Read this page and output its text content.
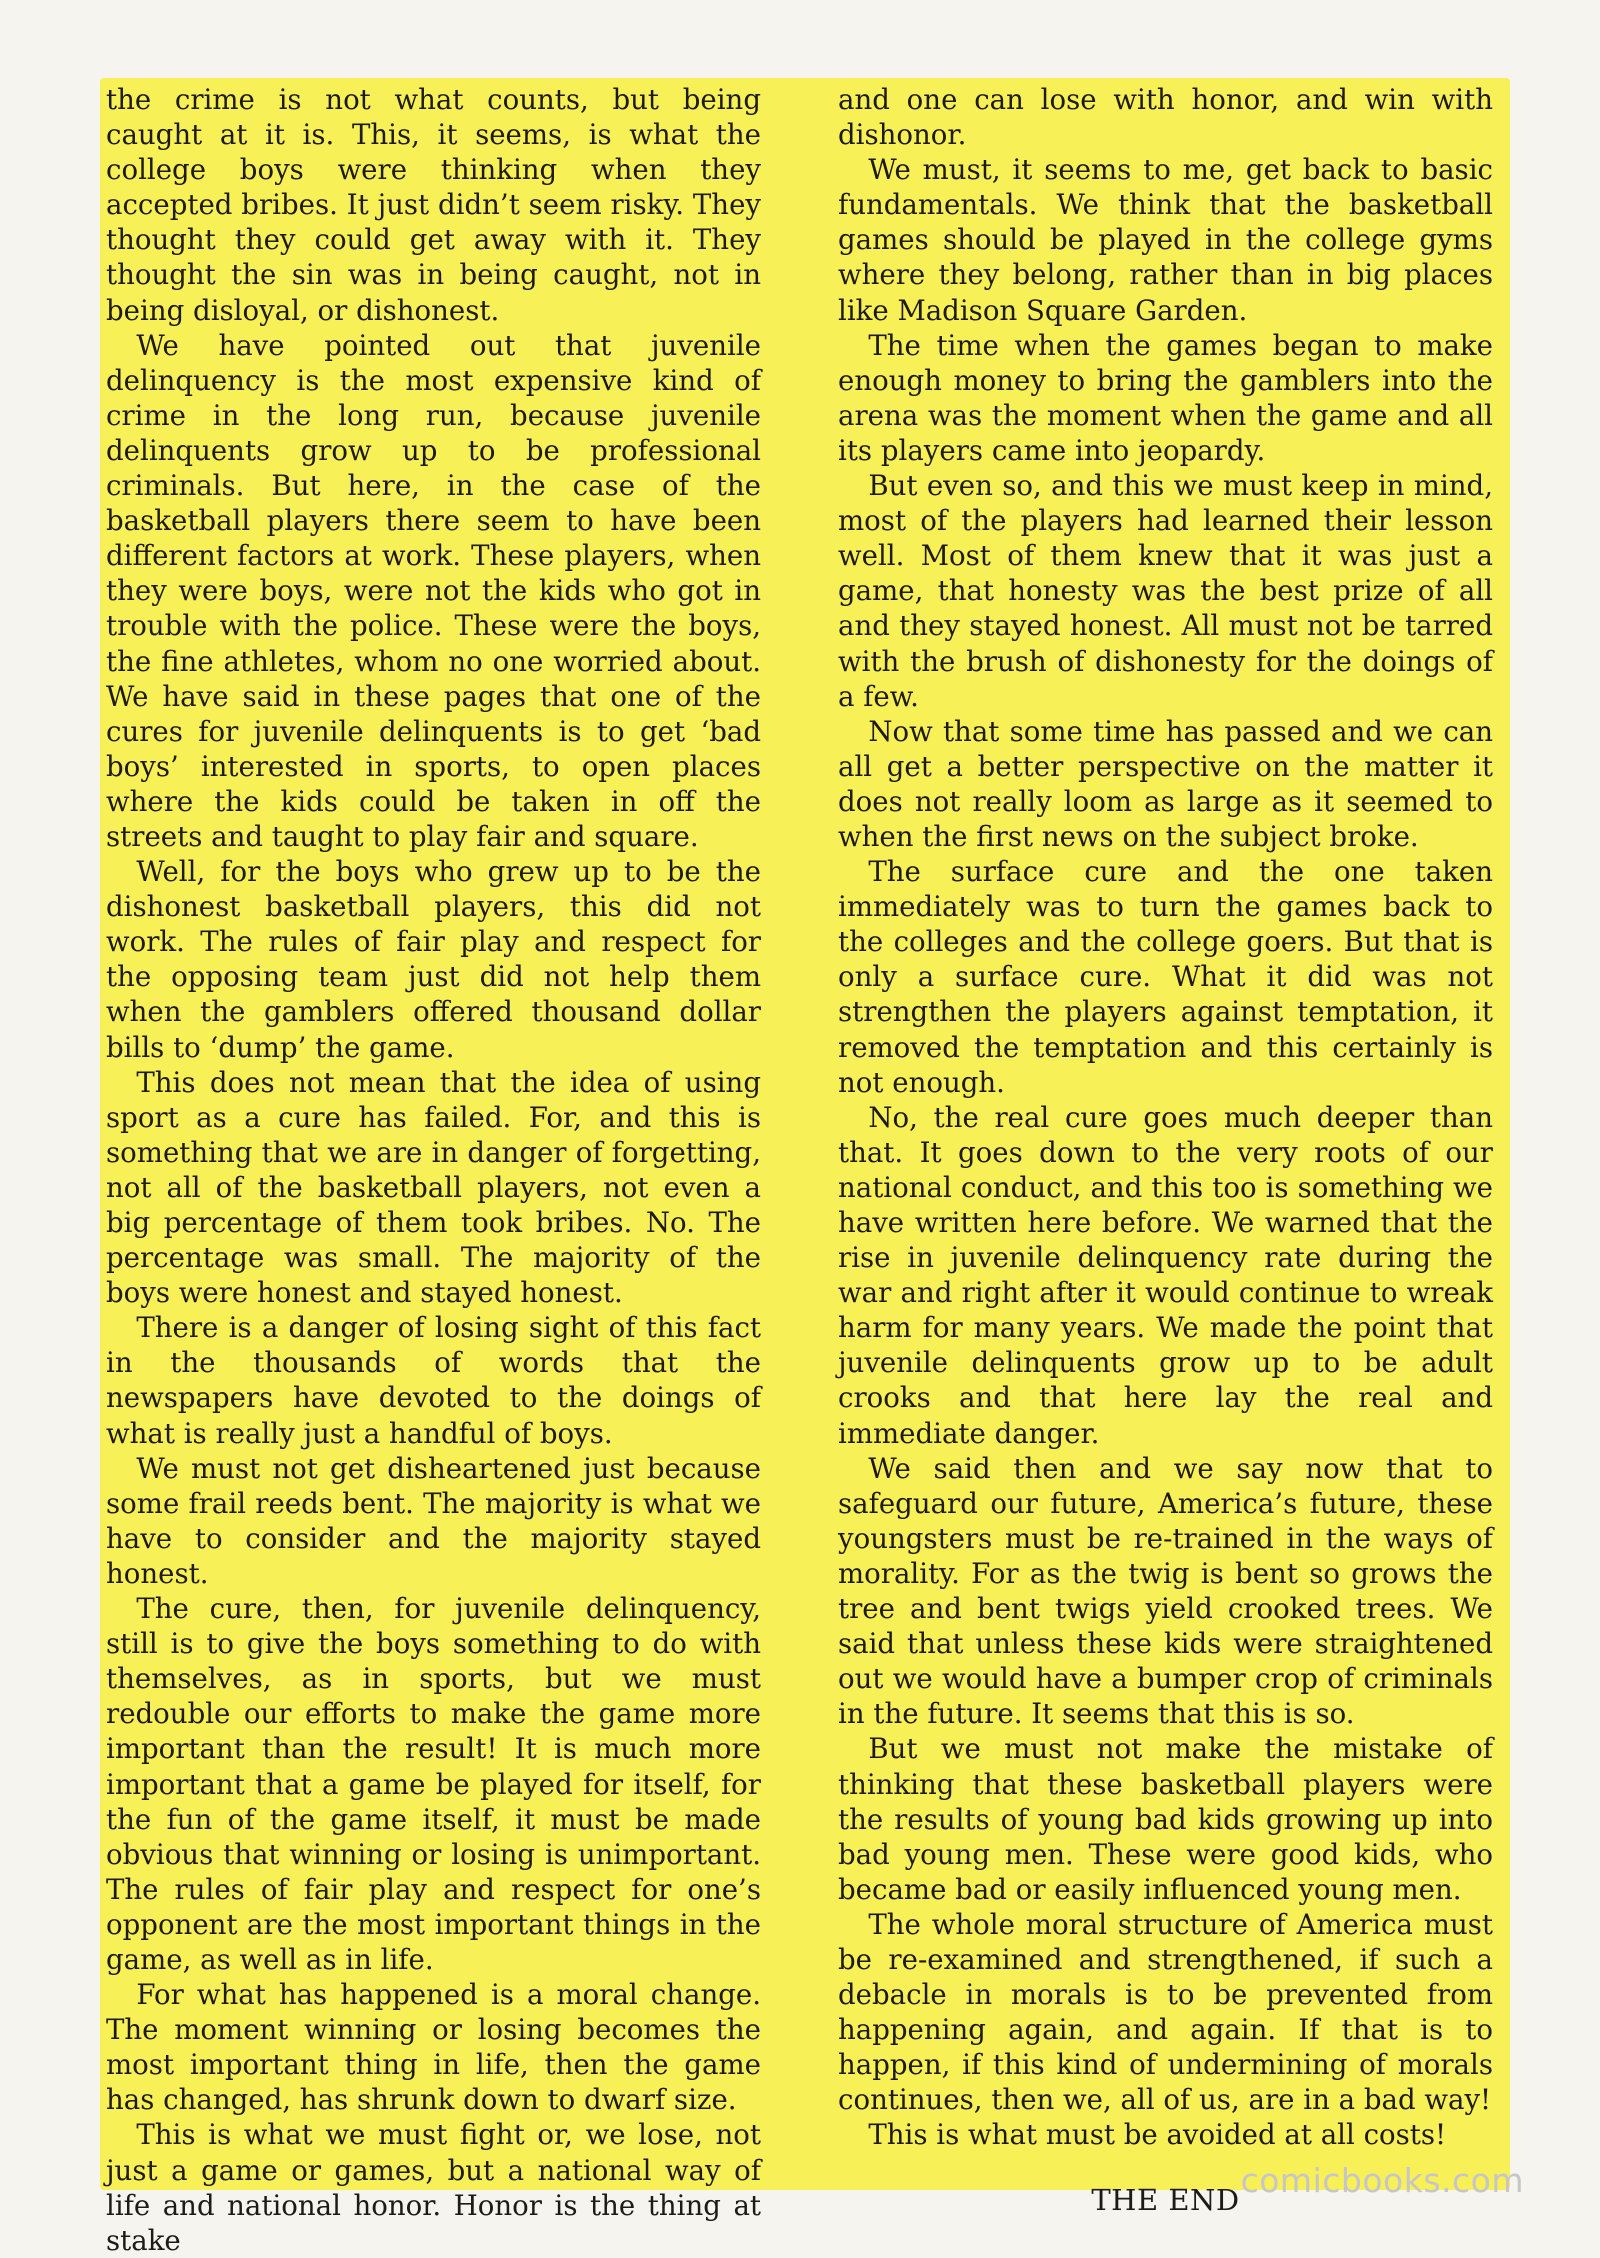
the crime is not what counts, but being caught at it is. This, it seems, is what the college boys were thinking when they accepted bribes. It just didn’t seem risky. They thought they could get away with it. They thought the sin was in being caught, not in being disloyal, or dishonest.

We have pointed out that juvenile delinquency is the most expensive kind of crime in the long run, because juvenile delinquents grow up to be professional criminals. But here, in the case of the basketball players there seem to have been different factors at work. These players, when they were boys, were not the kids who got in trouble with the police. These were the boys, the fine athletes, whom no one worried about. We have said in these pages that one of the cures for juvenile delinquents is to get ‘bad boys’ interested in sports, to open places where the kids could be taken in off the streets and taught to play fair and square.

Well, for the boys who grew up to be the dishonest basketball players, this did not work. The rules of fair play and respect for the opposing team just did not help them when the gamblers offered thousand dollar bills to ‘dump’ the game.

This does not mean that the idea of using sport as a cure has failed. For, and this is something that we are in danger of forgetting, not all of the basketball players, not even a big percentage of them took bribes. No. The percentage was small. The majority of the boys were honest and stayed honest.

There is a danger of losing sight of this fact in the thousands of words that the newspapers have devoted to the doings of what is really just a handful of boys.

We must not get disheartened just because some frail reeds bent. The majority is what we have to consider and the majority stayed honest.

The cure, then, for juvenile delinquency, still is to give the boys something to do with themselves, as in sports, but we must redouble our efforts to make the game more important than the result! It is much more important that a game be played for itself, for the fun of the game itself, it must be made obvious that winning or losing is unimportant. The rules of fair play and respect for one’s opponent are the most important things in the game, as well as in life.

For what has happened is a moral change. The moment winning or losing becomes the most important thing in life, then the game has changed, has shrunk down to dwarf size.

This is what we must fight or, we lose, not just a game or games, but a national way of life and national honor. Honor is the thing at stake

and one can lose with honor, and win with dishonor.

We must, it seems to me, get back to basic fundamentals. We think that the basketball games should be played in the college gyms where they belong, rather than in big places like Madison Square Garden.

The time when the games began to make enough money to bring the gamblers into the arena was the moment when the game and all its players came into jeopardy.

But even so, and this we must keep in mind, most of the players had learned their lesson well. Most of them knew that it was just a game, that honesty was the best prize of all and they stayed honest. All must not be tarred with the brush of dishonesty for the doings of a few.

Now that some time has passed and we can all get a better perspective on the matter it does not really loom as large as it seemed to when the first news on the subject broke.

The surface cure and the one taken immediately was to turn the games back to the colleges and the college goers. But that is only a surface cure. What it did was not strengthen the players against temptation, it removed the temptation and this certainly is not enough.

No, the real cure goes much deeper than that. It goes down to the very roots of our national conduct, and this too is something we have written here before. We warned that the rise in juvenile delinquency rate during the war and right after it would continue to wreak harm for many years. We made the point that juvenile delinquents grow up to be adult crooks and that here lay the real and immediate danger.

We said then and we say now that to safeguard our future, America’s future, these youngsters must be re-trained in the ways of morality. For as the twig is bent so grows the tree and bent twigs yield crooked trees. We said that unless these kids were straightened out we would have a bumper crop of criminals in the future. It seems that this is so.

But we must not make the mistake of thinking that these basketball players were the results of young bad kids growing up into bad young men. These were good kids, who became bad or easily influenced young men.

The whole moral structure of America must be re-examined and strengthened, if such a debacle in morals is to be prevented from happening again, and again. If that is to happen, if this kind of undermining of morals continues, then we, all of us, are in a bad way!

This is what must be avoided at all costs!

THE END comicbooks.com
